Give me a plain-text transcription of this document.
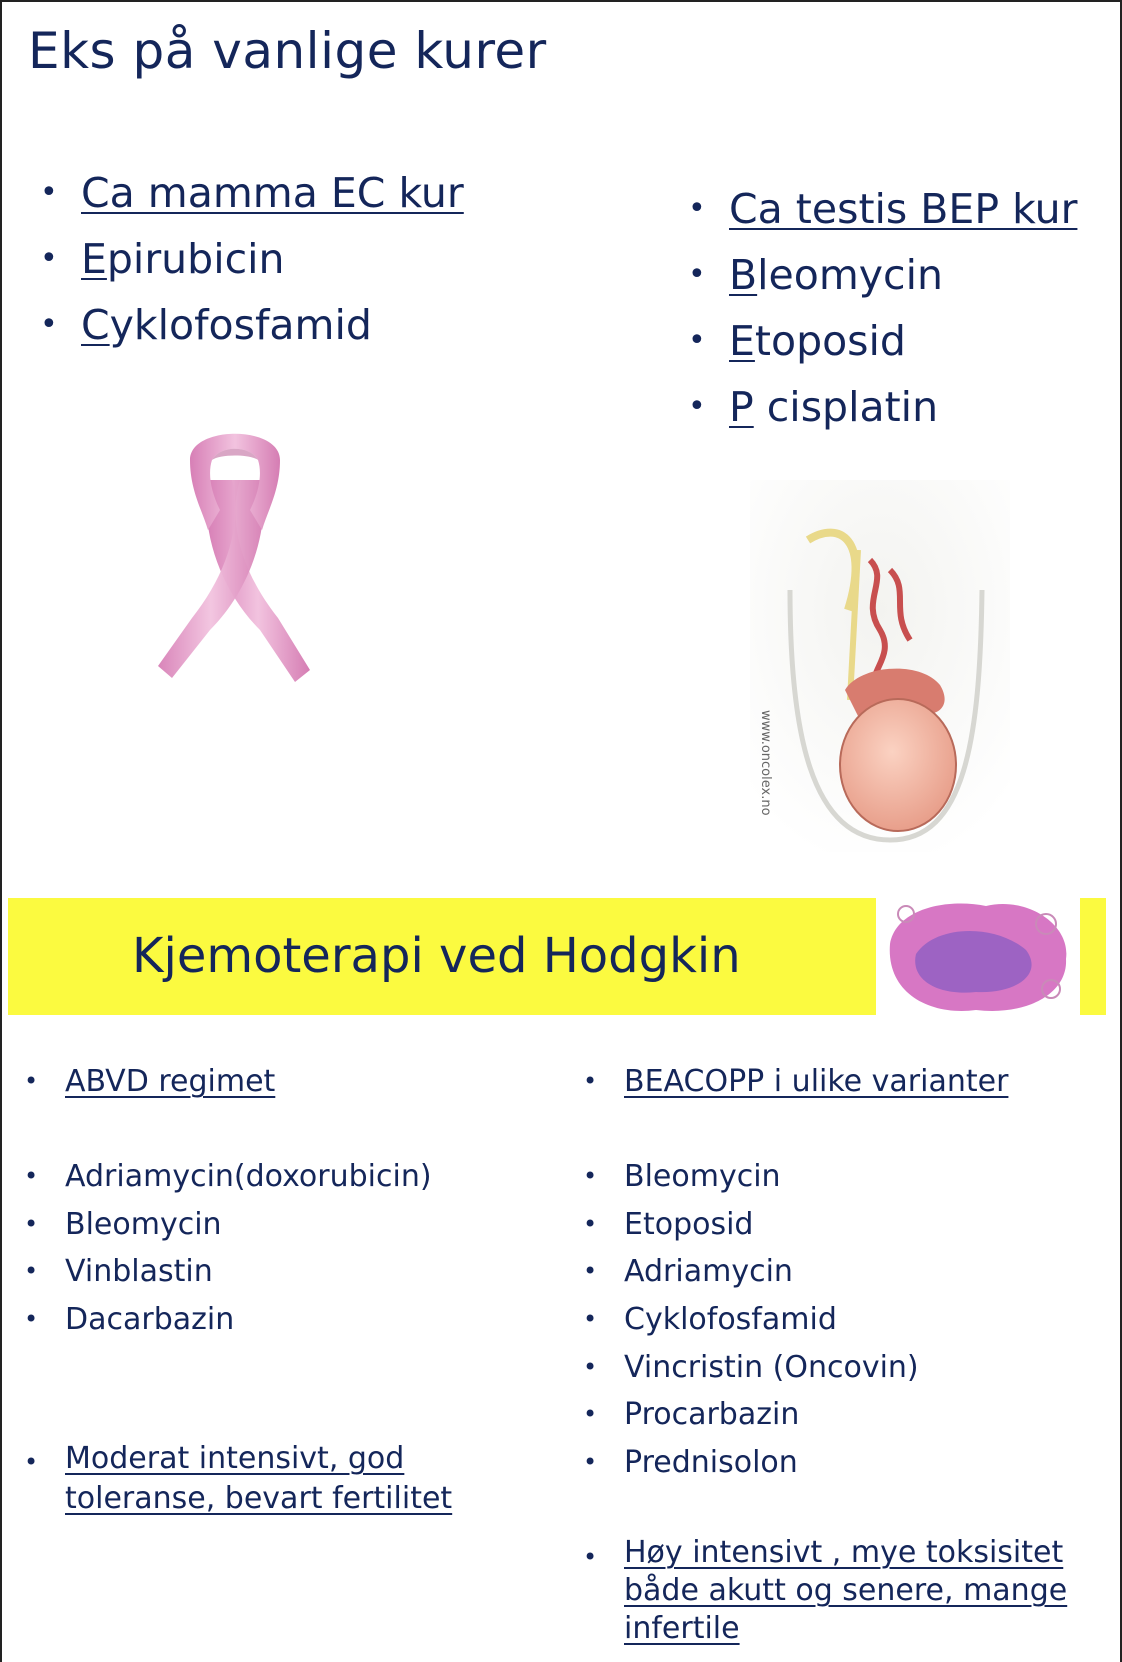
Eks på vanlige kurer
• Ca mamma EC kur
• Epirubicin
• Cyklofosfamid
• Ca testis BEP kur
• Bleomycin
• Etoposid
• P cisplatin
www.oncolex.no
Kjemoterapi ved Hodgkin
• ABVD regimet
• Adriamycin(doxorubicin)
• Bleomycin
• Vinblastin
• Dacarbazin
• Moderat intensivt, god toleranse, bevart fertilitet
• BEACOPP i ulike varianter
• Bleomycin
• Etoposid
• Adriamycin
• Cyklofosfamid
• Vincristin (Oncovin)
• Procarbazin
• Prednisolon
• Høy intensivt , mye toksisitet både akutt og senere, mange infertile
